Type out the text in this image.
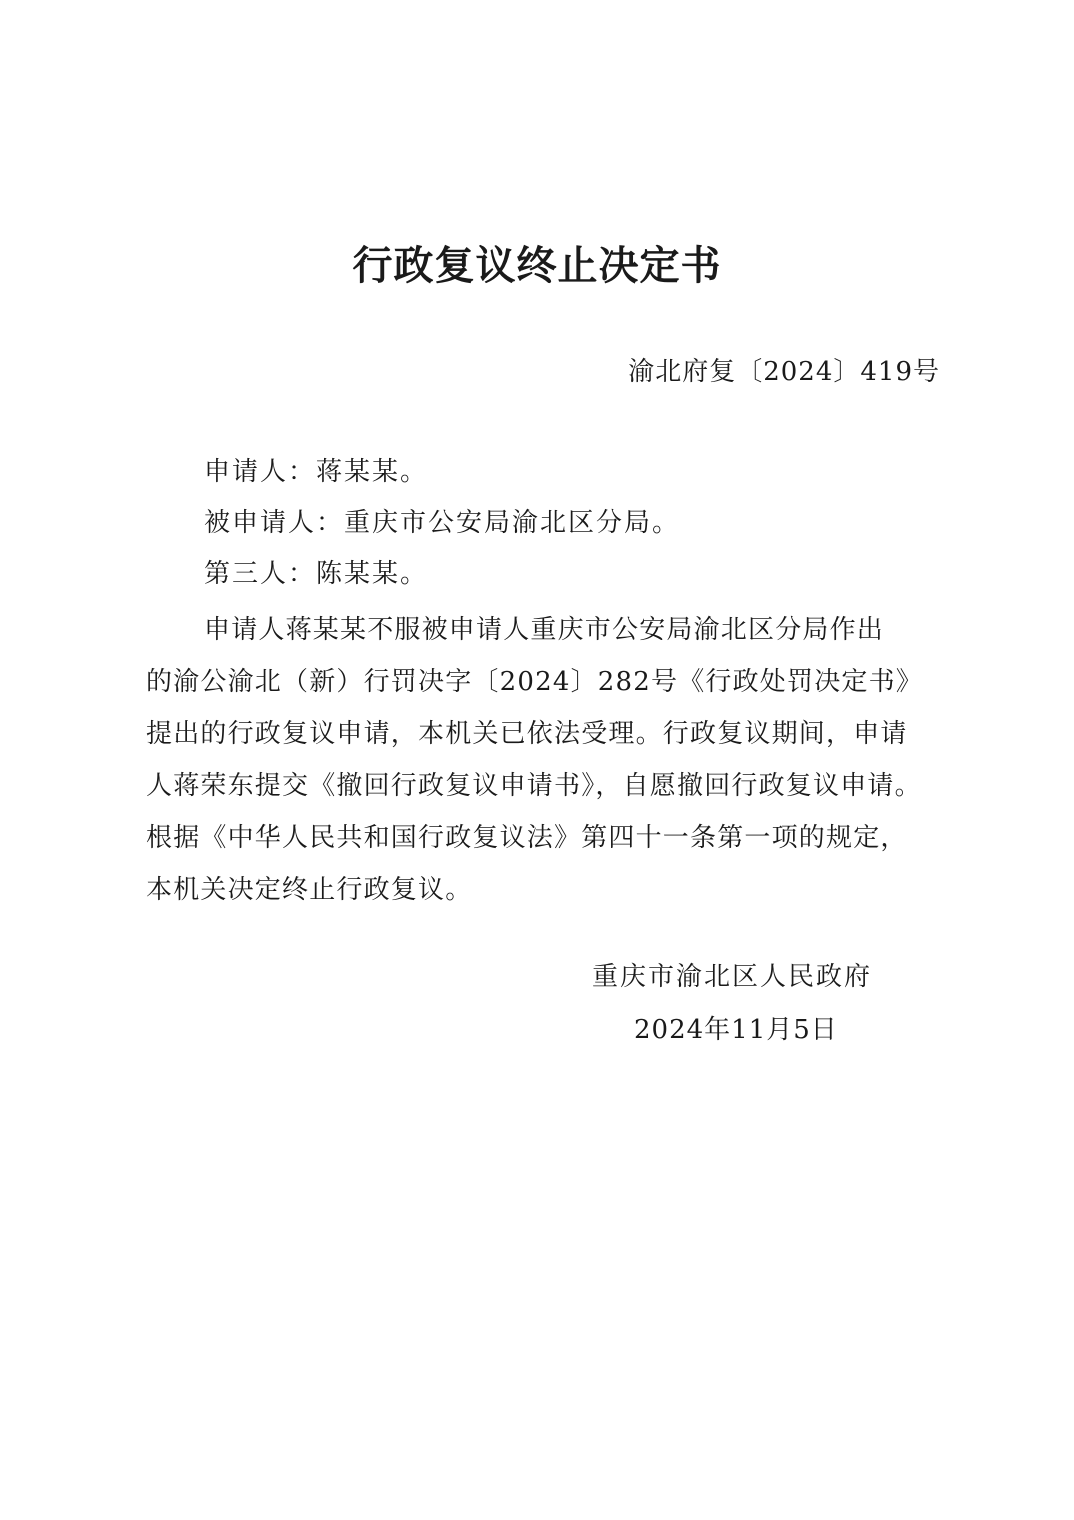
行政复议终止决定书
渝北府复〔2024〕419号
申请人：蒋某某。
被申请人：重庆市公安局渝北区分局。
第三人：陈某某。
申请人蒋某某不服被申请人重庆市公安局渝北区分局作出
的渝公渝北（新）行罚决字〔2024〕282号《行政处罚决定书》
提出的行政复议申请，本机关已依法受理。行政复议期间，申请
人蒋荣东提交《撤回行政复议申请书》，自愿撤回行政复议申请。
根据《中华人民共和国行政复议法》第四十一条第一项的规定，
本机关决定终止行政复议。
重庆市渝北区人民政府
2024年11月5日
